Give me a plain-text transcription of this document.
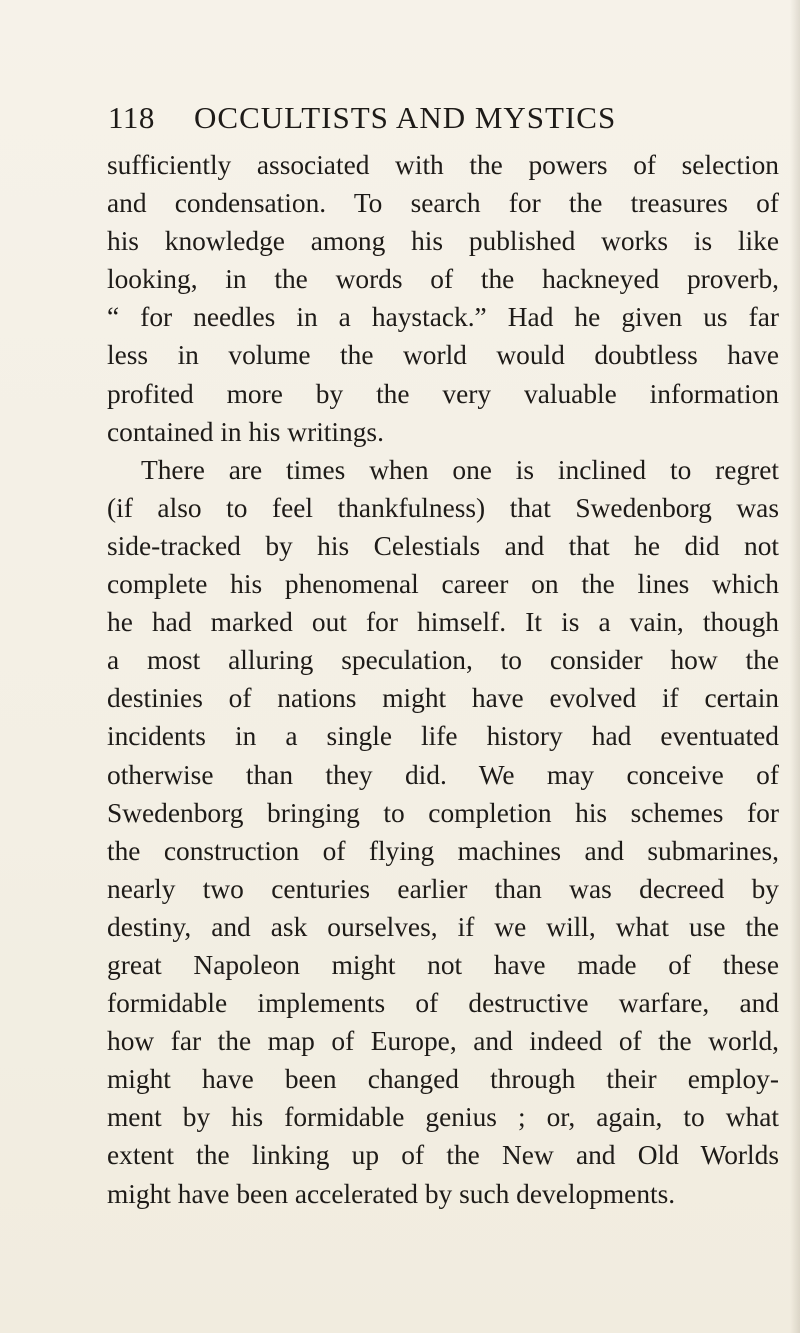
118 OCCULTISTS AND MYSTICS
sufficiently associated with the powers of selection
and condensation. To search for the treasures of
his knowledge among his published works is like
looking, in the words of the hackneyed proverb,
“ for needles in a haystack.” Had he given us far
less in volume the world would doubtless have
profited more by the very valuable information
contained in his writings.
There are times when one is inclined to regret
(if also to feel thankfulness) that Swedenborg was
side-tracked by his Celestials and that he did not
complete his phenomenal career on the lines which
he had marked out for himself. It is a vain, though
a most alluring speculation, to consider how the
destinies of nations might have evolved if certain
incidents in a single life history had eventuated
otherwise than they did. We may conceive of
Swedenborg bringing to completion his schemes for
the construction of flying machines and submarines,
nearly two centuries earlier than was decreed by
destiny, and ask ourselves, if we will, what use the
great Napoleon might not have made of these
formidable implements of destructive warfare, and
how far the map of Europe, and indeed of the world,
might have been changed through their employ-
ment by his formidable genius ; or, again, to what
extent the linking up of the New and Old Worlds
might have been accelerated by such developments.
